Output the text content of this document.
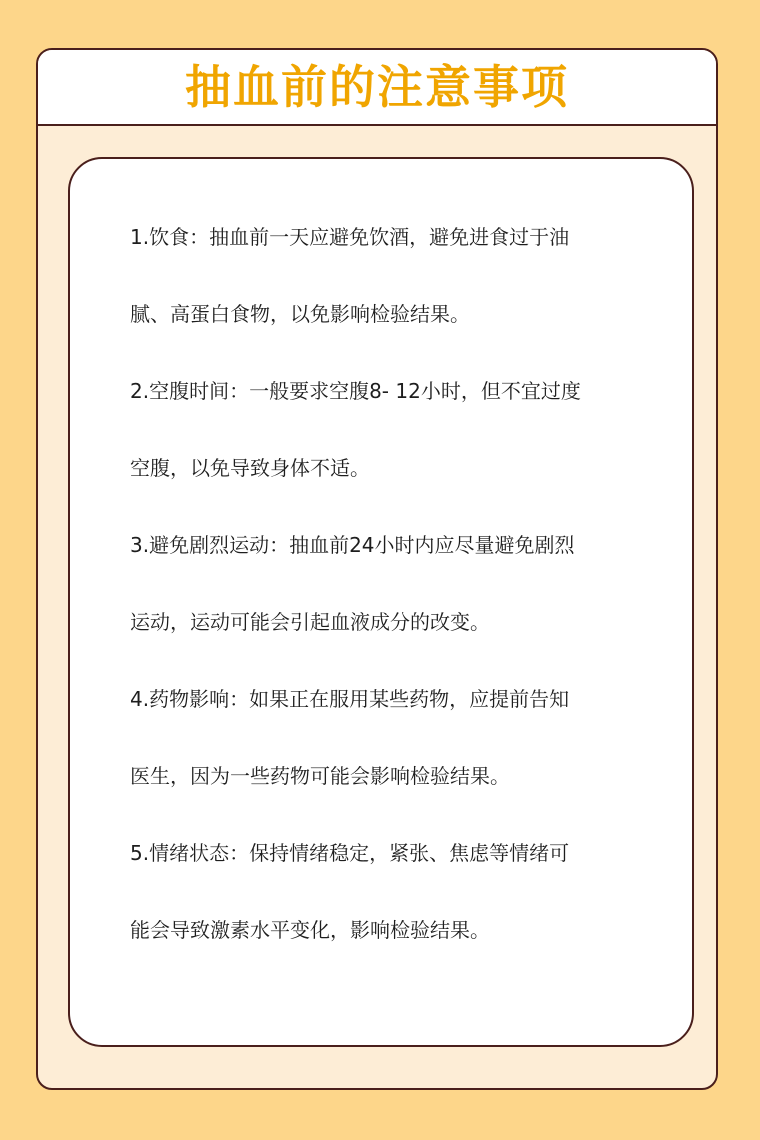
抽血前的注意事项

1.饮食：抽血前一天应避免饮酒，避免进食过于油

腻、高蛋白食物，以免影响检验结果。

2.空腹时间：一般要求空腹8- 12小时，但不宜过度

空腹，以免导致身体不适。

3.避免剧烈运动：抽血前24小时内应尽量避免剧烈

运动，运动可能会引起血液成分的改变。

4.药物影响：如果正在服用某些药物，应提前告知

医生，因为一些药物可能会影响检验结果。

5.情绪状态：保持情绪稳定，紧张、焦虑等情绪可

能会导致激素水平变化，影响检验结果。
